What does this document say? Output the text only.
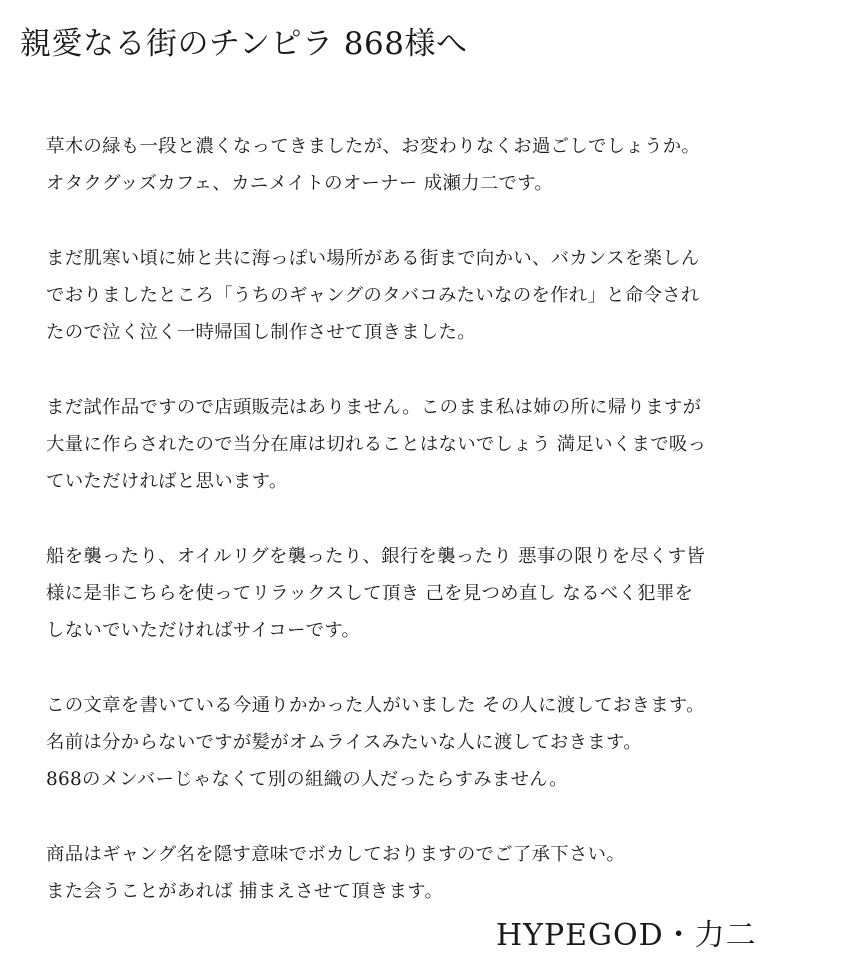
親愛なる街のチンピラ 868様へ

草木の緑も一段と濃くなってきましたが、お変わりなくお過ごしでしょうか。
オタクグッズカフェ、カニメイトのオーナー 成瀬力二です。

まだ肌寒い頃に姉と共に海っぽい場所がある街まで向かい、バカンスを楽しん
でおりましたところ「うちのギャングのタバコみたいなのを作れ」と命令され
たので泣く泣く一時帰国し制作させて頂きました。

まだ試作品ですので店頭販売はありません。このまま私は姉の所に帰りますが
大量に作らされたので当分在庫は切れることはないでしょう 満足いくまで吸っ
ていただければと思います。

船を襲ったり、オイルリグを襲ったり、銀行を襲ったり 悪事の限りを尽くす皆
様に是非こちらを使ってリラックスして頂き 己を見つめ直し なるべく犯罪を
しないでいただければサイコーです。

この文章を書いている今通りかかった人がいました その人に渡しておきます。
名前は分からないですが髪がオムライスみたいな人に渡しておきます。
868のメンバーじゃなくて別の組織の人だったらすみません。

商品はギャング名を隠す意味でボカしておりますのでご了承下さい。
また会うことがあれば 捕まえさせて頂きます。

HYPEGOD・力二
